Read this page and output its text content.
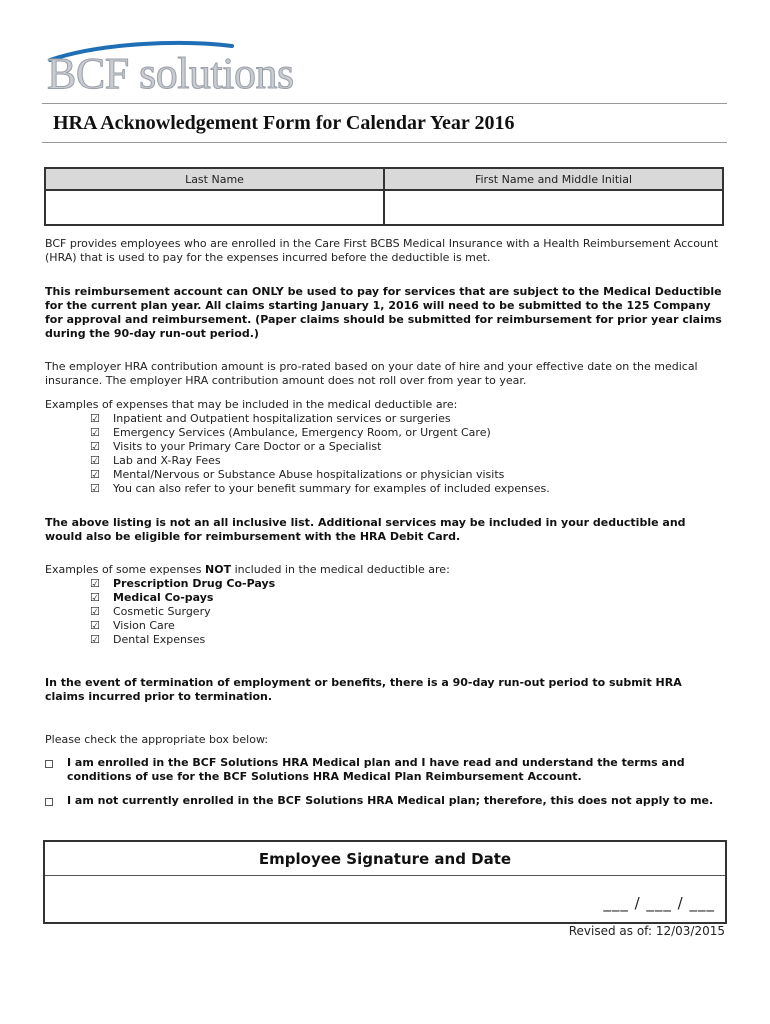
BCF solutions
HRA Acknowledgement Form for Calendar Year 2016
Last Name	First Name and Middle Initial

BCF provides employees who are enrolled in the Care First BCBS Medical Insurance with a Health Reimbursement Account (HRA) that is used to pay for the expenses incurred before the deductible is met.

This reimbursement account can ONLY be used to pay for services that are subject to the Medical Deductible for the current plan year. All claims starting January 1, 2016 will need to be submitted to the 125 Company for approval and reimbursement. (Paper claims should be submitted for reimbursement for prior year claims during the 90-day run-out period.)

The employer HRA contribution amount is pro-rated based on your date of hire and your effective date on the medical insurance. The employer HRA contribution amount does not roll over from year to year.

Examples of expenses that may be included in the medical deductible are:

☑	Inpatient and Outpatient hospitalization services or surgeries
☑	Emergency Services (Ambulance, Emergency Room, or Urgent Care)
☑	Visits to your Primary Care Doctor or a Specialist
☑	Lab and X-Ray Fees
☑	Mental/Nervous or Substance Abuse hospitalizations or physician visits
☑	You can also refer to your benefit summary for examples of included expenses.

The above listing is not an all inclusive list. Additional services may be included in your deductible and would also be eligible for reimbursement with the HRA Debit Card.

Examples of some expenses NOT included in the medical deductible are:

☑	Prescription Drug Co-Pays
☑	Medical Co-pays
☑	Cosmetic Surgery
☑	Vision Care
☑	Dental Expenses

In the event of termination of employment or benefits, there is a 90-day run-out period to submit HRA claims incurred prior to termination.

Please check the appropriate box below:

I am enrolled in the BCF Solutions HRA Medical plan and I have read and understand the terms and conditions of use for the BCF Solutions HRA Medical Plan Reimbursement Account.
I am not currently enrolled in the BCF Solutions HRA Medical plan; therefore, this does not apply to me.
Employee Signature and Date
___ / ___ / ___
Revised as of: 12/03/2015
